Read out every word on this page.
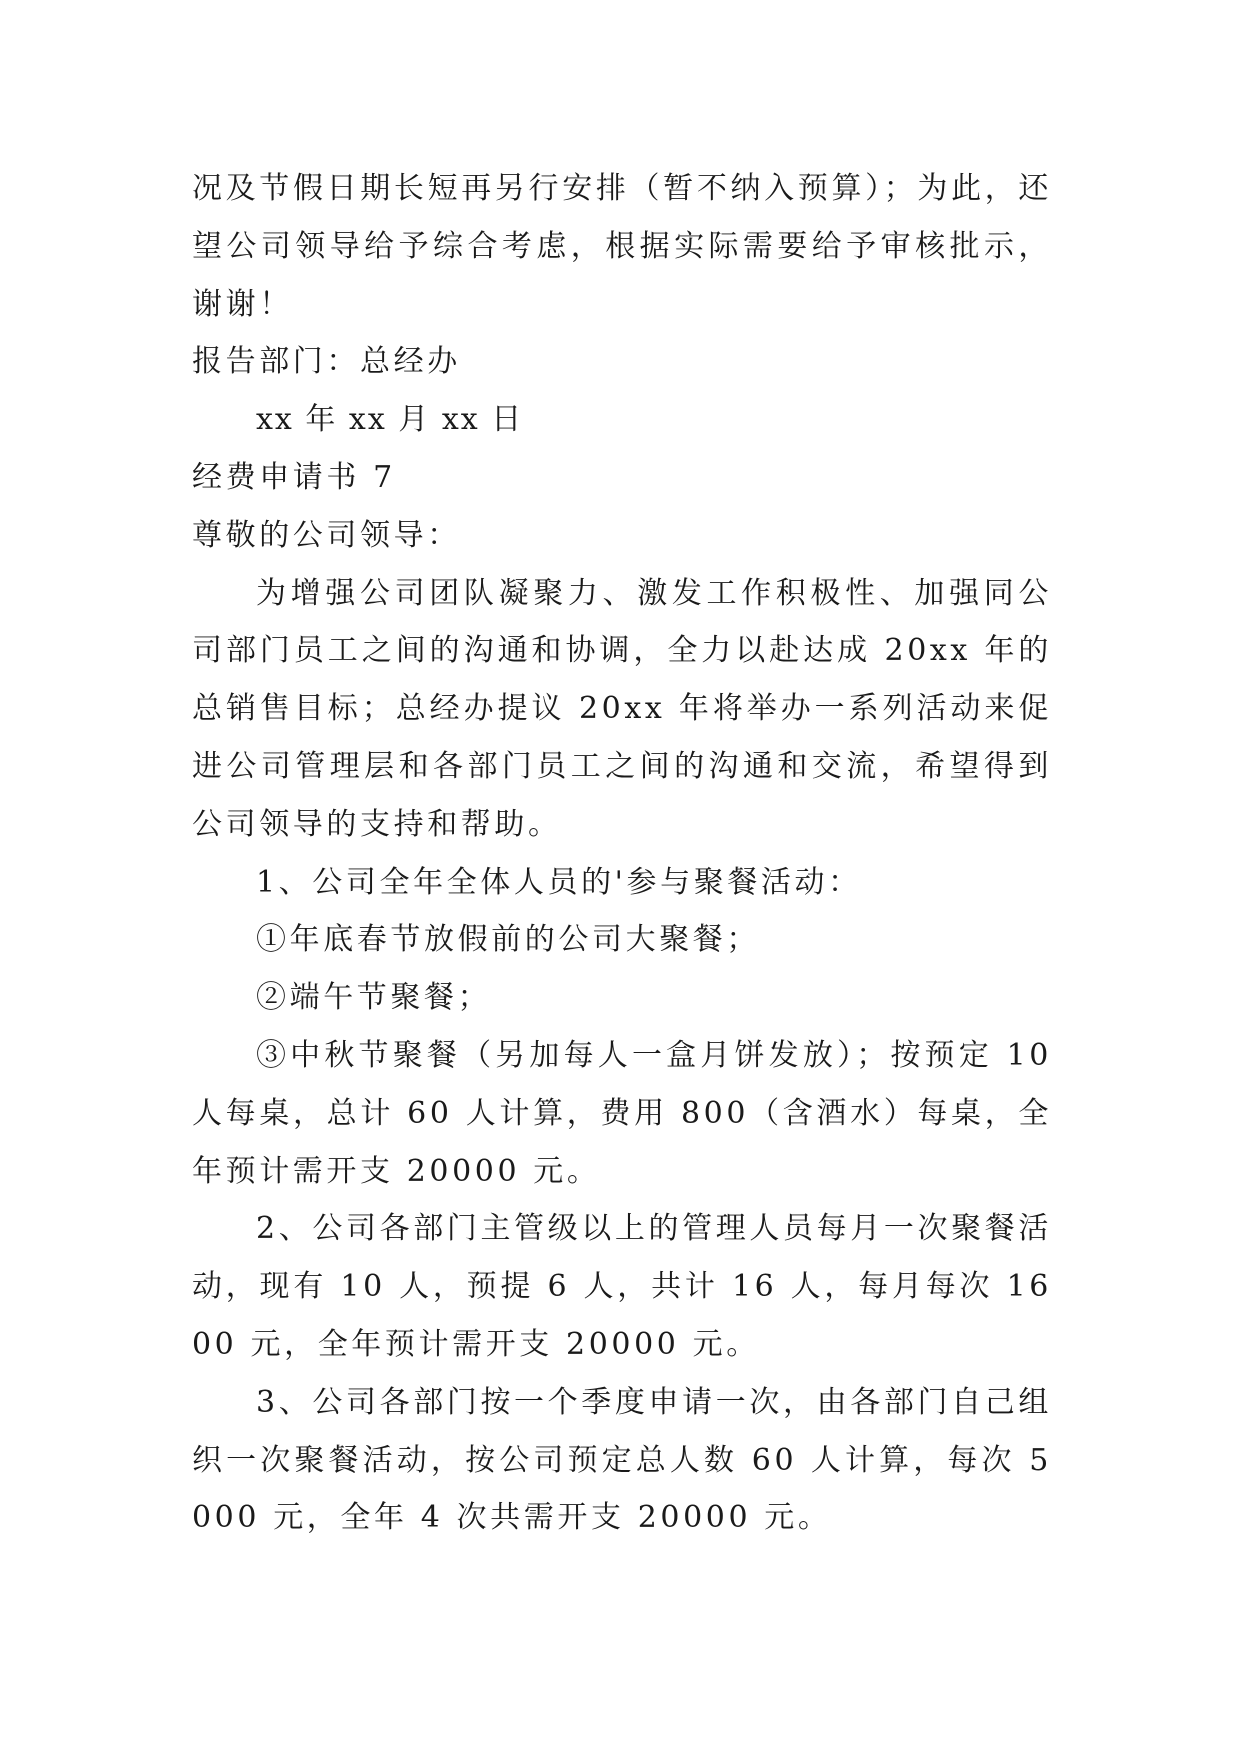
况及节假日期长短再另行安排（暂不纳入预算）；为此，还望公司领导给予综合考虑，根据实际需要给予审核批示，谢谢！

报告部门：总经办

xx 年 xx 月 xx 日

经费申请书 7

尊敬的公司领导：

为增强公司团队凝聚力、激发工作积极性、加强同公司部门员工之间的沟通和协调，全力以赴达成 20xx 年的总销售目标；总经办提议 20xx 年将举办一系列活动来促进公司管理层和各部门员工之间的沟通和交流，希望得到公司领导的支持和帮助。

1、公司全年全体人员的'参与聚餐活动：

①年底春节放假前的公司大聚餐；

②端午节聚餐；

③中秋节聚餐（另加每人一盒月饼发放）；按预定 10 人每桌，总计 60 人计算，费用 800（含酒水）每桌，全年预计需开支 20000 元。

2、公司各部门主管级以上的管理人员每月一次聚餐活动，现有 10 人，预提 6 人，共计 16 人，每月每次 1600 元，全年预计需开支 20000 元。

3、公司各部门按一个季度申请一次，由各部门自己组织一次聚餐活动，按公司预定总人数 60 人计算，每次 5000 元，全年 4 次共需开支 20000 元。
